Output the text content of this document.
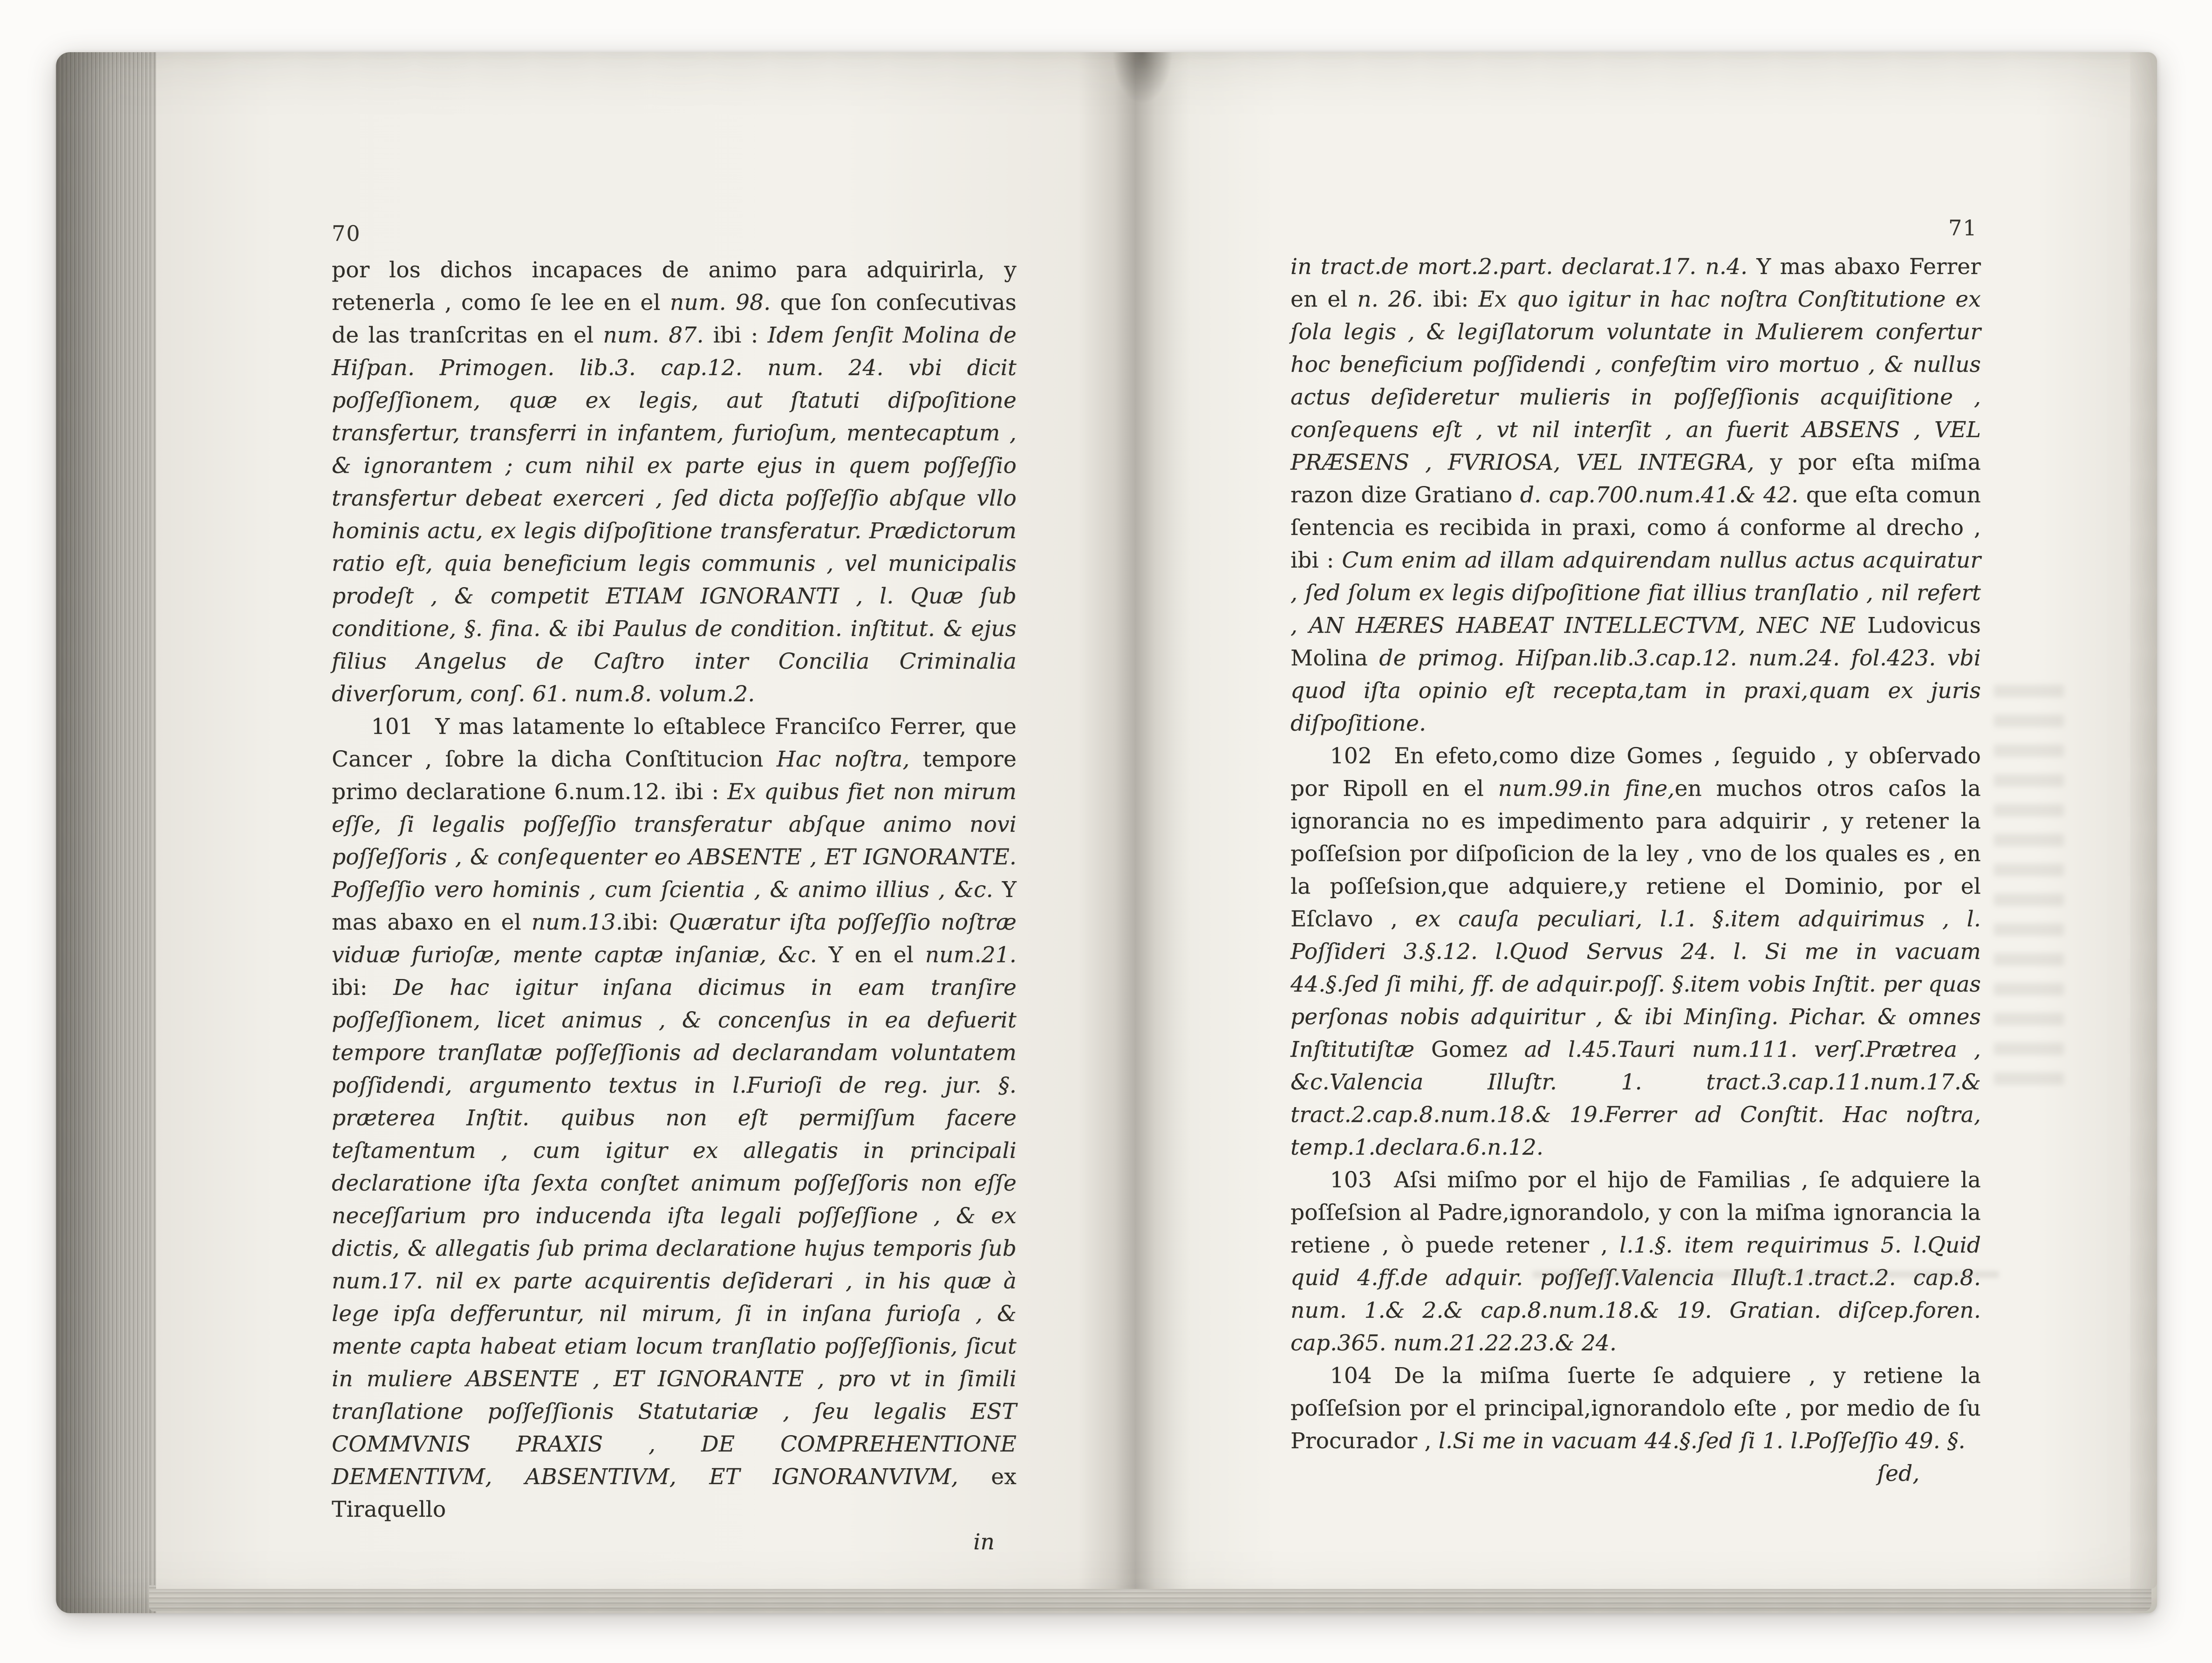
70	71

por los dichos incapaces de animo para adquirirla, y retenerla , como ſe lee en el num. 98. que ſon conſecutivas de las tranſcritas en el num. 87. ibi : Idem ſenſit Molina de Hiſpan. Primogen. lib.3. cap.12. num. 24. vbi dicit poſſeſſionem, quæ ex legis, aut ſtatuti diſpoſitione transfertur, transferri in infantem, furioſum, mentecaptum , & ignorantem ; cum nihil ex parte ejus in quem poſſeſſio transfertur debeat exerceri , ſed dicta poſſeſſio abſque vllo hominis actu, ex legis diſpoſitione transferatur. Prædictorum ratio eſt, quia beneficium legis communis , vel municipalis prodeſt , & competit ETIAM IGNORANTI , l. Quæ ſub conditione, §. fina. & ibi Paulus de condition. inſtitut. & ejus filius Angelus de Caſtro inter Concilia Criminalia diverſorum, conſ. 61. num.8. volum.2.

101 Y mas latamente lo eſtablece Franciſco Ferrer, que Cancer , ſobre la dicha Conſtitucion Hac noſtra, tempore primo declaratione 6.num.12. ibi : Ex quibus fiet non mirum eſſe, ſi legalis poſſeſſio transferatur abſque animo novi poſſeſſoris , & conſequenter eo ABSENTE , ET IGNORANTE. Poſſeſſio vero hominis , cum ſcientia , & animo illius , &c. Y mas abaxo en el num.13.ibi: Quæratur iſta poſſeſſio noſtræ viduæ furioſæ, mente captæ inſaniæ, &c. Y en el num.21. ibi: De hac igitur inſana dicimus in eam tranſire poſſeſſionem, licet animus , & concenſus in ea defuerit tempore tranſlatæ poſſeſſionis ad declarandam voluntatem poſſidendi, argumento textus in l.Furioſi de reg. jur. §. præterea Inſtit. quibus non eſt permiſſum facere teſtamentum , cum igitur ex allegatis in principali declaratione iſta ſexta conſtet animum poſſeſſoris non eſſe neceſſarium pro inducenda iſta legali poſſeſſione , & ex dictis, & allegatis ſub prima declaratione hujus temporis ſub num.17. nil ex parte acquirentis deſiderari , in his quæ à lege ipſa defferuntur, nil mirum, ſi in inſana furioſa , & mente capta habeat etiam locum tranſlatio poſſeſſionis, ſicut in muliere ABSENTE , ET IGNORANTE , pro vt in ſimili tranſlatione poſſeſſionis Statutariæ , ſeu legalis EST COMMVNIS PRAXIS , DE COMPREHENTIONE DEMENTIVM, ABSENTIVM, ET IGNORANVIVM, ex Tiraquello

in

in tract.de mort.2.part. declarat.17. n.4. Y mas abaxo Ferrer en el n. 26. ibi: Ex quo igitur in hac noſtra Conſtitutione ex ſola legis , & legiſlatorum voluntate in Mulierem confertur hoc beneficium poſſidendi , confeſtim viro mortuo , & nullus actus deſideretur mulieris in poſſeſſionis acquiſitione , conſequens eſt , vt nil interſit , an fuerit ABSENS , VEL PRÆSENS , FVRIOSA, VEL INTEGRA, y por eſta miſma razon dize Gratiano d. cap.700.num.41.& 42. que eſta comun ſentencia es recibida in praxi, como á conforme al drecho , ibi : Cum enim ad illam adquirendam nullus actus acquiratur , ſed ſolum ex legis diſpoſitione fiat illius tranſlatio , nil refert , AN HÆRES HABEAT INTELLECTVM, NEC NE Ludovicus Molina de primog. Hiſpan.lib.3.cap.12. num.24. fol.423. vbi quod iſta opinio eſt recepta,tam in praxi,quam ex juris diſpoſitione.

102 En efeto,como dize Gomes , ſeguido , y obſervado por Ripoll en el num.99.in fine,en muchos otros caſos la ignorancia no es impedimento para adquirir , y retener la poſſeſsion por diſpoſicion de la ley , vno de los quales es , en la poſſeſsion,que adquiere,y retiene el Dominio, por el Eſclavo , ex cauſa peculiari, l.1. §.item adquirimus , l. Poſſideri 3.§.12. l.Quod Servus 24. l. Si me in vacuam 44.§.ſed ſi mihi, ff. de adquir.poſſ. §.item vobis Inſtit. per quas perſonas nobis adquiritur , & ibi Minſing. Pichar. & omnes Inſtitutiſtæ Gomez ad l.45.Tauri num.111. verſ.Prætrea , &c.Valencia Illuſtr. 1. tract.3.cap.11.num.17.& tract.2.cap.8.num.18.& 19.Ferrer ad Conſtit. Hac noſtra, temp.1.declara.6.n.12.

103 Aſsi miſmo por el hijo de Familias , ſe adquiere la poſſeſsion al Padre,ignorandolo, y con la miſma ignorancia la retiene , ò puede retener , l.1.§. item requirimus 5. l.Quid quid 4.ff.de adquir. poſſeſſ.Valencia Illuſt.1.tract.2. cap.8. num. 1.& 2.& cap.8.num.18.& 19. Gratian. diſcep.foren. cap.365. num.21.22.23.& 24.

104 De la miſma ſuerte ſe adquiere , y retiene la poſſeſsion por el principal,ignorandolo eſte , por medio de ſu Procurador , l.Si me in vacuam 44.§.ſed ſi 1. l.Poſſeſſio 49. §.

ſed,
